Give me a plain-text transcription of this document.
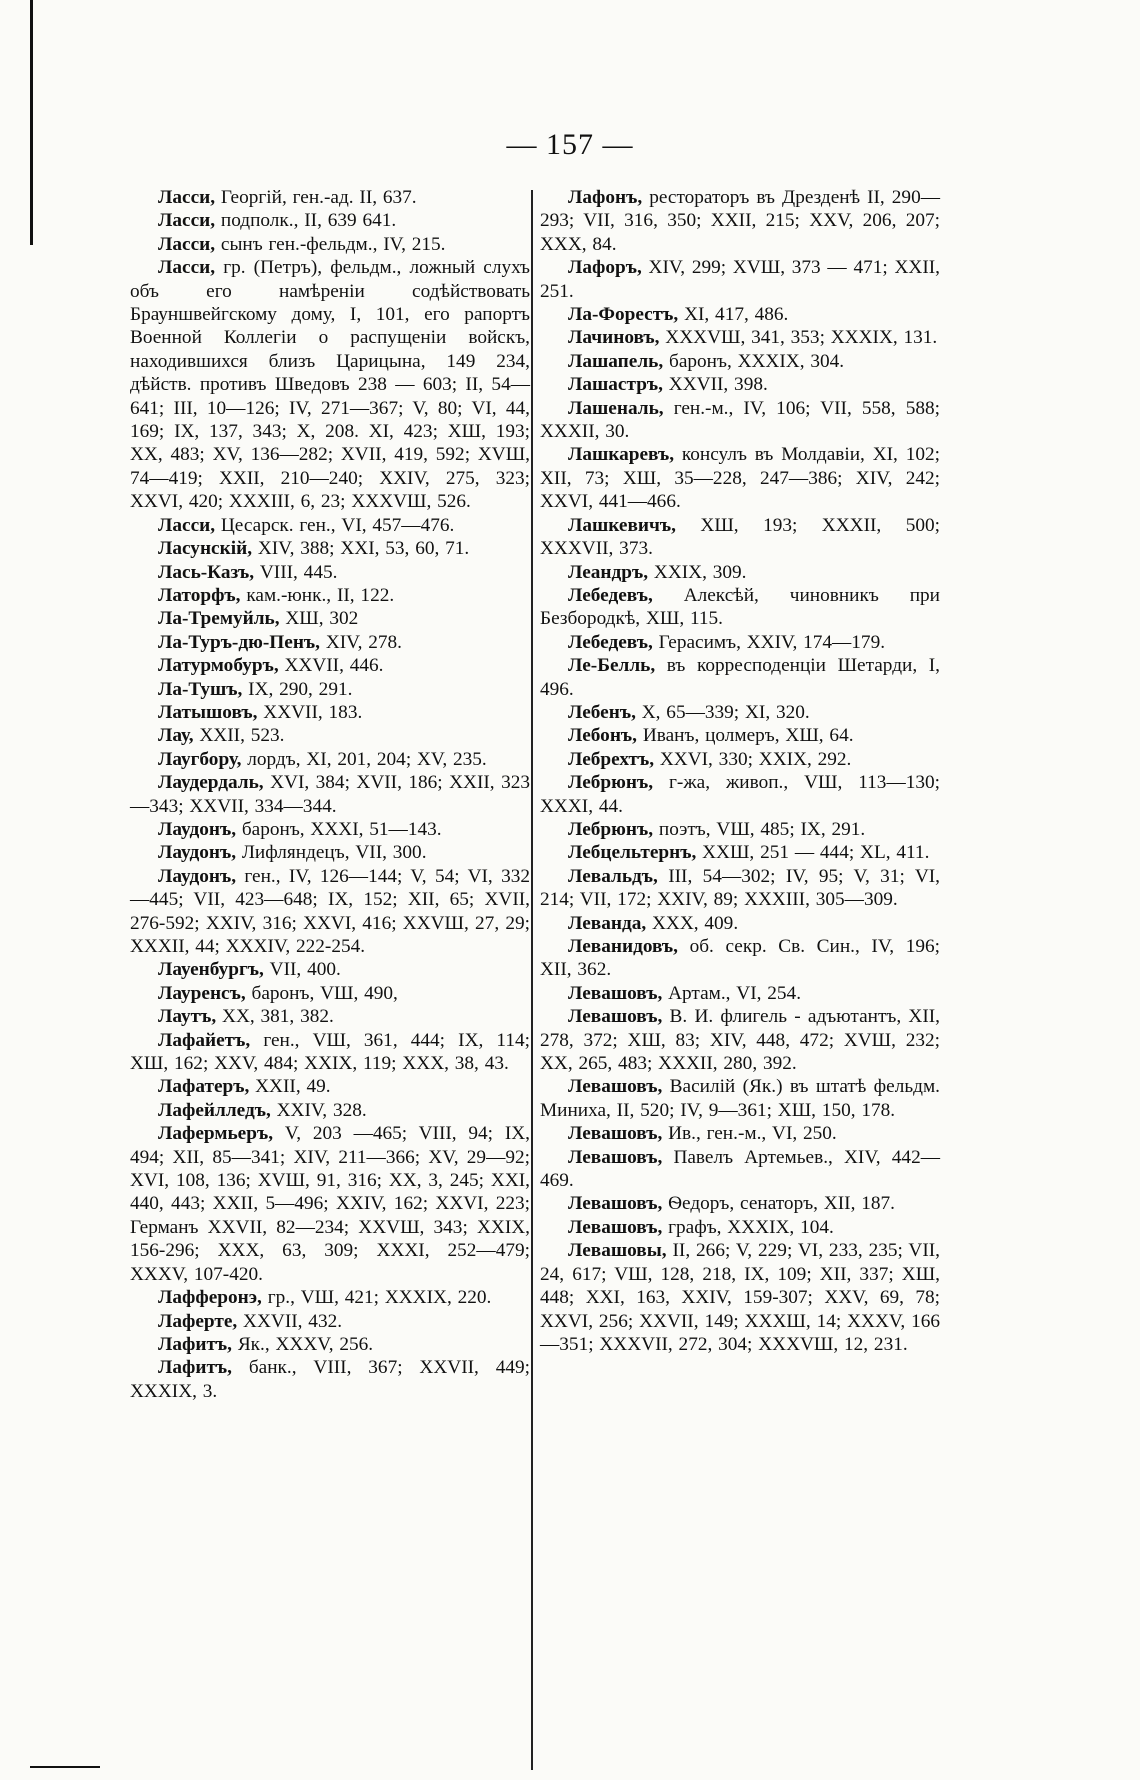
— 157 —

Ласси, Георгій, ген.-ад. II, 637.

Ласси, подполк., II, 639 641.

Ласси, сынъ ген.-фельдм., IV, 215.

Ласси, гр. (Петръ), фельдм., ложный слухъ объ его намѣреніи содѣйствовать Брауншвейгскому дому, I, 101, его рапортъ Военной Коллегіи о распущеніи войскъ, находившихся близъ Царицына, 149 234, дѣйств. противъ Шведовъ 238 — 603; II, 54—641; III, 10—126; IV, 271—367; V, 80; VI, 44, 169; IX, 137, 343; X, 208. XI, 423; ХШ, 193; XX, 483; XV, 136—282; XVII, 419, 592; ХVШ, 74—419; XXII, 210—240; XXIV, 275, 323; XXVI, 420; XXXIII, 6, 23; XXXVШ, 526.

Ласси, Цесарск. ген., VI, 457—476.

Ласунскій, XIV, 388; XXI, 53, 60, 71.

Лась-Казъ, VIII, 445.

Латорфъ, кам.-юнк., II, 122.

Ла-Тремуйль, ХШ, 302

Ла-Туръ-дю-Пенъ, XIV, 278.

Латурмобуръ, XXVII, 446.

Ла-Тушъ, IX, 290, 291.

Латышовъ, XXVII, 183.

Лау, XXII, 523.

Лаугбору, лордъ, XI, 201, 204; XV, 235.

Лаудердаль, XVI, 384; XVII, 186; XXII, 323—343; XXVII, 334—344.

Лаудонъ, баронъ, XXXI, 51—143.

Лаудонъ, Лифляндецъ, VII, 300.

Лаудонъ, ген., IV, 126—144; V, 54; VI, 332—445; VII, 423—648; IX, 152; XII, 65; XVII, 276-592; XXIV, 316; XXVI, 416; XXVШ, 27, 29; XXXII, 44; XXXIV, 222-254.

Лауенбургъ, VII, 400.

Лауренсъ, баронъ, VШ, 490,

Лаутъ, XX, 381, 382.

Лафайетъ, ген., VШ, 361, 444; IX, 114; ХШ, 162; XXV, 484; XXIX, 119; XXX, 38, 43.

Лафатеръ, XXII, 49.

Лафейлледъ, XXIV, 328.

Лафермьеръ, V, 203 —465; VIII, 94; IX, 494; XII, 85—341; XIV, 211—366; XV, 29—92; XVI, 108, 136; XVШ, 91, 316; XX, 3, 245; XXI, 440, 443; XXII, 5—496; XXIV, 162; XXVI, 223; Германъ XXVII, 82—234; XXVШ, 343; XXIX, 156-296; XXX, 63, 309; XXXI, 252—479; XXXV, 107-420.

Лафферонэ, гр., VШ, 421; XXXIX, 220.

Лаферте, XXVII, 432.

Лафитъ, Як., XXXV, 256.

Лафитъ, банк., VIII, 367; XXVII, 449; XXXIX, 3.

Лафонъ, рестораторъ въ Дрезденѣ II, 290—293; VII, 316, 350; XXII, 215; XXV, 206, 207; XXX, 84.

Лафоръ, XIV, 299; XVШ, 373 — 471; XXII, 251.

Ла-Форестъ, XI, 417, 486.

Лачиновъ, XXXVШ, 341, 353; XXXIX, 131.

Лашапель, баронъ, XXXIX, 304.

Лашастръ, XXVII, 398.

Лашеналь, ген.-м., IV, 106; VII, 558, 588; XXXII, 30.

Лашкаревъ, консулъ въ Молдавіи, XI, 102; XII, 73; ХШ, 35—228, 247—386; XIV, 242; XXVI, 441—466.

Лашкевичъ, ХШ, 193; XXXII, 500; XXXVII, 373.

Леандръ, XXIX, 309.

Лебедевъ, Алексѣй, чиновникъ при Безбородкѣ, ХШ, 115.

Лебедевъ, Герасимъ, XXIV, 174—179.

Ле-Белль, въ корресподенціи Шетарди, I, 496.

Лебенъ, X, 65—339; XI, 320.

Лебонъ, Иванъ, цолмеръ, ХШ, 64.

Лебрехтъ, XXVI, 330; XXIX, 292.

Лебрюнъ, г-жа, живоп., VШ, 113—130; XXXI, 44.

Лебрюнъ, поэтъ, VШ, 485; IX, 291.

Лебцельтернъ, XXШ, 251 — 444; XL, 411.

Левальдъ, III, 54—302; IV, 95; V, 31; VI, 214; VII, 172; XXIV, 89; XXXIII, 305—309.

Леванда, XXX, 409.

Леванидовъ, об. секр. Св. Син., IV, 196; XII, 362.

Левашовъ, Артам., VI, 254.

Левашовъ, В. И. флигель - адъютантъ, XII, 278, 372; ХШ, 83; XIV, 448, 472; XVШ, 232; XX, 265, 483; XXXII, 280, 392.

Левашовъ, Василій (Як.) въ штатѣ фельдм. Миниха, II, 520; IV, 9—361; ХШ, 150, 178.

Левашовъ, Ив., ген.-м., VI, 250.

Левашовъ, Павелъ Артемьев., XIV, 442—469.

Левашовъ, Ѳедоръ, сенаторъ, XII, 187.

Левашовъ, графъ, XXXIX, 104.

Левашовы, II, 266; V, 229; VI, 233, 235; VII, 24, 617; VШ, 128, 218, IX, 109; XII, 337; ХШ, 448; XXI, 163, XXIV, 159-307; XXV, 69, 78; XXVI, 256; XXVII, 149; XXXШ, 14; XXXV, 166—351; XXXVII, 272, 304; XXXVШ, 12, 231.
